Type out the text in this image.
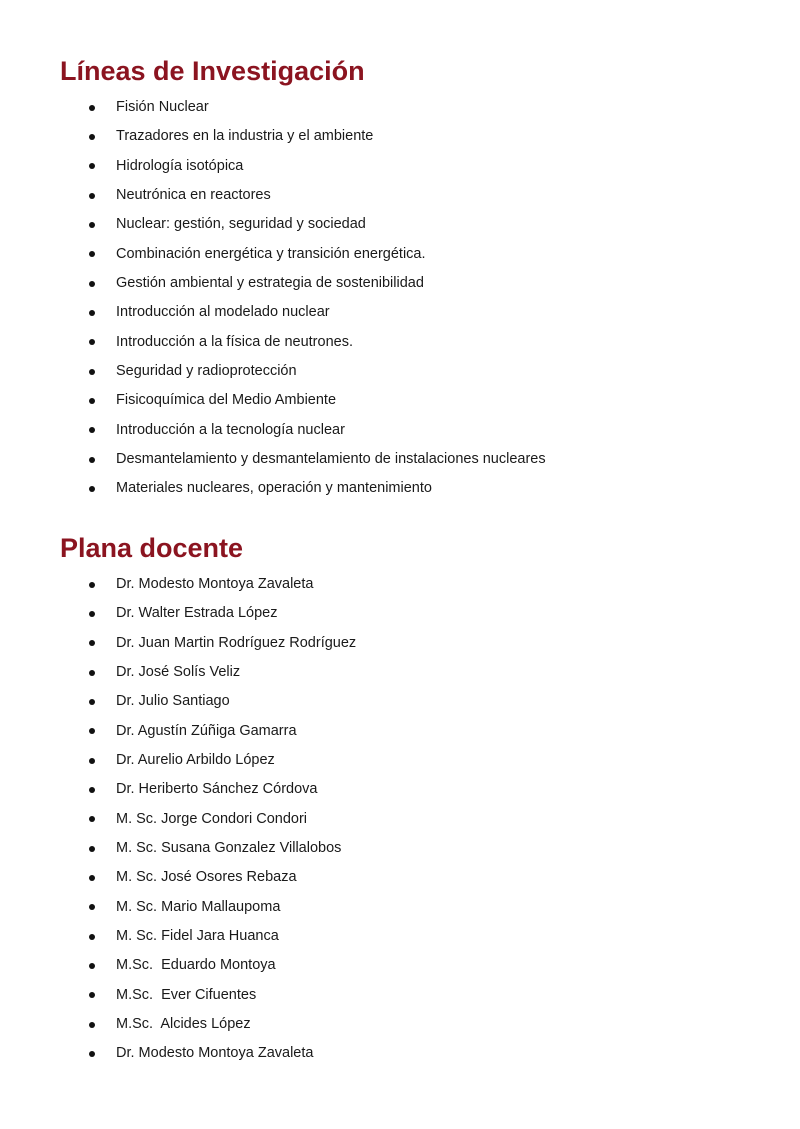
Líneas de Investigación
Fisión Nuclear
Trazadores en la industria y el ambiente
Hidrología isotópica
Neutrónica en reactores
Nuclear: gestión, seguridad y sociedad
Combinación energética y transición energética.
Gestión ambiental y estrategia de sostenibilidad
Introducción al modelado nuclear
Introducción a la física de neutrones.
Seguridad y radioprotección
Fisicoquímica del Medio Ambiente
Introducción a la tecnología nuclear
Desmantelamiento y desmantelamiento de instalaciones nucleares
Materiales nucleares, operación y mantenimiento
Plana docente
Dr. Modesto Montoya Zavaleta
Dr. Walter Estrada López
Dr. Juan Martin Rodríguez Rodríguez
Dr. José Solís Veliz
Dr. Julio Santiago
Dr. Agustín Zúñiga Gamarra
Dr. Aurelio Arbildo López
Dr. Heriberto Sánchez Córdova
M. Sc. Jorge Condori Condori
M. Sc. Susana Gonzalez Villalobos
M. Sc. José Osores Rebaza
M. Sc. Mario Mallaupoma
M. Sc. Fidel Jara Huanca
M.Sc.  Eduardo Montoya
M.Sc.  Ever Cifuentes
M.Sc.  Alcides López
Dr. Modesto Montoya Zavaleta
